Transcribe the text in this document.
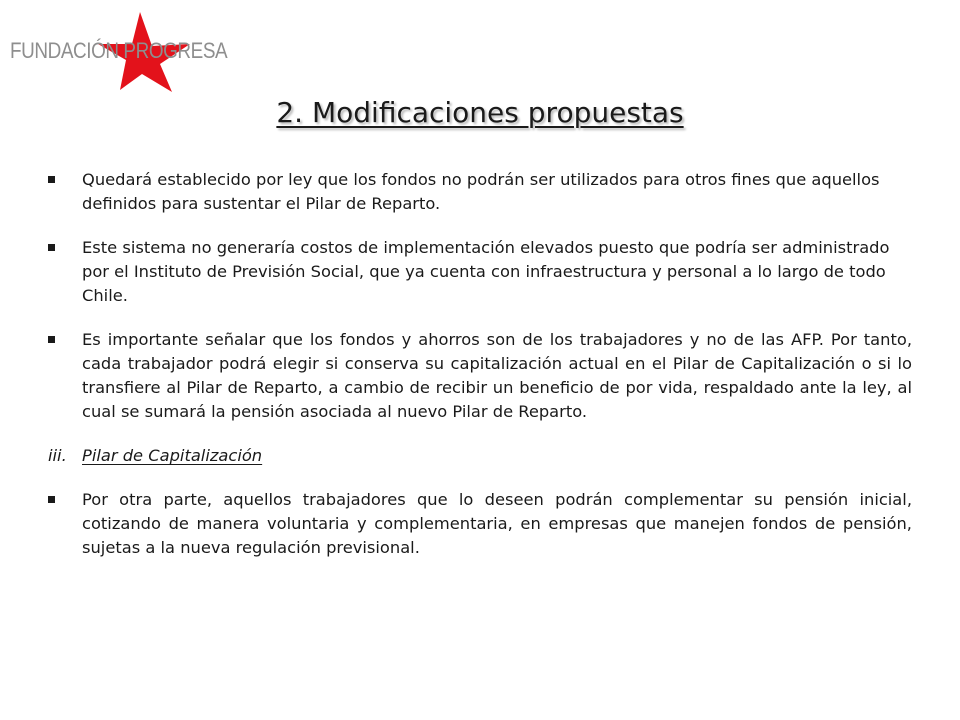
FUNDACIÓN PROGRESA
2. Modificaciones propuestas
Quedará establecido por ley que los fondos no podrán ser utilizados para otros fines que aquellos definidos para sustentar el Pilar de Reparto.
Este sistema no generaría costos de implementación elevados puesto que podría ser administrado por el Instituto de Previsión Social, que ya cuenta con infraestructura y personal a lo largo de todo Chile.
Es importante señalar que los fondos y ahorros son de los trabajadores y no de las AFP. Por tanto, cada trabajador podrá elegir si conserva su capitalización actual en el Pilar de Capitalización o si lo transfiere al Pilar de Reparto, a cambio de recibir un beneficio de por vida, respaldado ante la ley, al cual se sumará la pensión asociada al nuevo Pilar de Reparto.
iii. Pilar de Capitalización
Por otra parte, aquellos trabajadores que lo deseen podrán complementar su pensión inicial, cotizando de manera voluntaria y complementaria, en empresas que manejen fondos de pensión, sujetas a la nueva regulación previsional.
